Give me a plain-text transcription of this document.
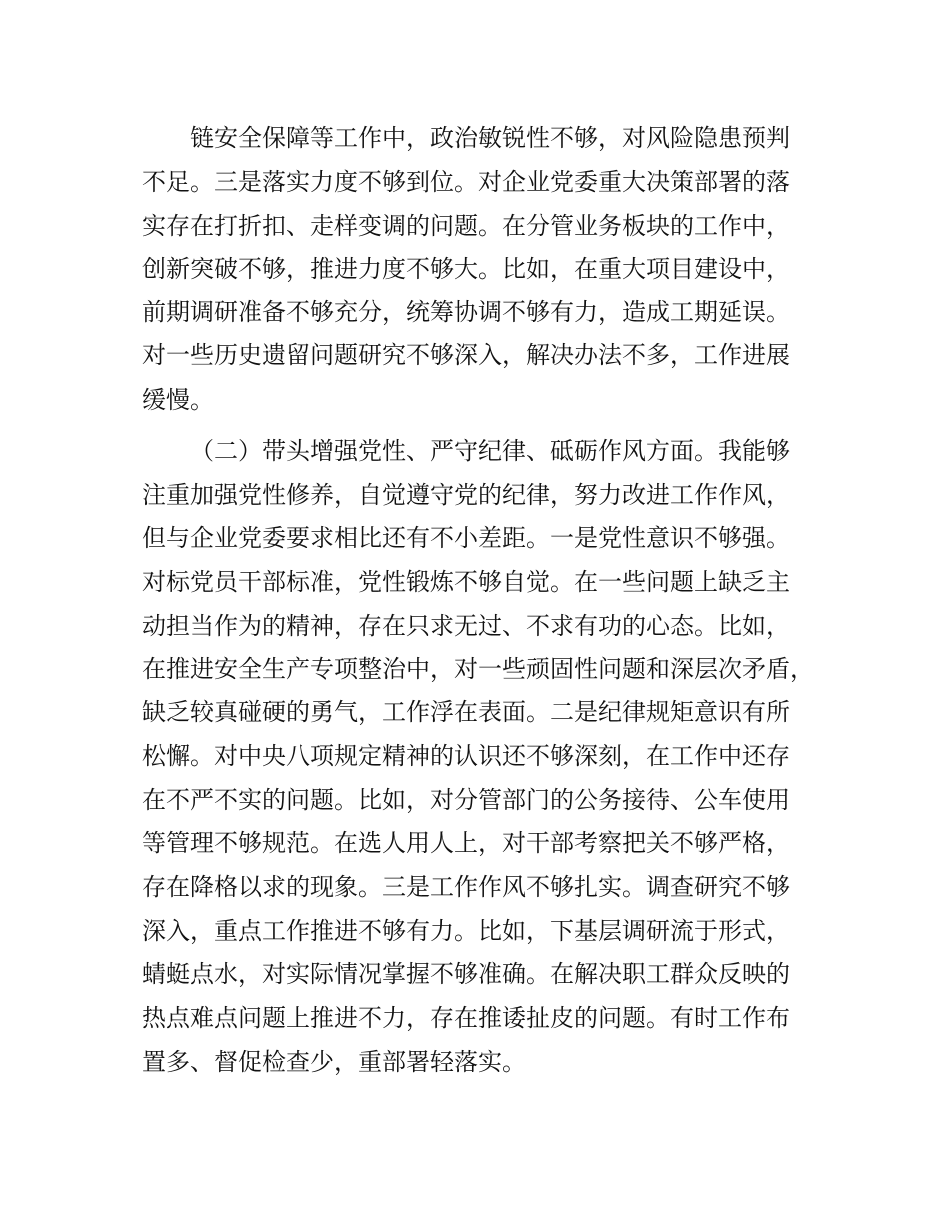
链安全保障等工作中，政治敏锐性不够，对风险隐患预判
不足。三是落实力度不够到位。对企业党委重大决策部署的落
实存在打折扣、走样变调的问题。在分管业务板块的工作中，
创新突破不够，推进力度不够大。比如，在重大项目建设中，
前期调研准备不够充分，统筹协调不够有力，造成工期延误。
对一些历史遗留问题研究不够深入，解决办法不多，工作进展
缓慢。
（二）带头增强党性、严守纪律、砥砺作风方面。我能够
注重加强党性修养，自觉遵守党的纪律，努力改进工作作风，
但与企业党委要求相比还有不小差距。一是党性意识不够强。
对标党员干部标准，党性锻炼不够自觉。在一些问题上缺乏主
动担当作为的精神，存在只求无过、不求有功的心态。比如，
在推进安全生产专项整治中，对一些顽固性问题和深层次矛盾，
缺乏较真碰硬的勇气，工作浮在表面。二是纪律规矩意识有所
松懈。对中央八项规定精神的认识还不够深刻，在工作中还存
在不严不实的问题。比如，对分管部门的公务接待、公车使用
等管理不够规范。在选人用人上，对干部考察把关不够严格，
存在降格以求的现象。三是工作作风不够扎实。调查研究不够
深入，重点工作推进不够有力。比如，下基层调研流于形式，
蜻蜓点水，对实际情况掌握不够准确。在解决职工群众反映的
热点难点问题上推进不力，存在推诿扯皮的问题。有时工作布
置多、督促检查少，重部署轻落实。
